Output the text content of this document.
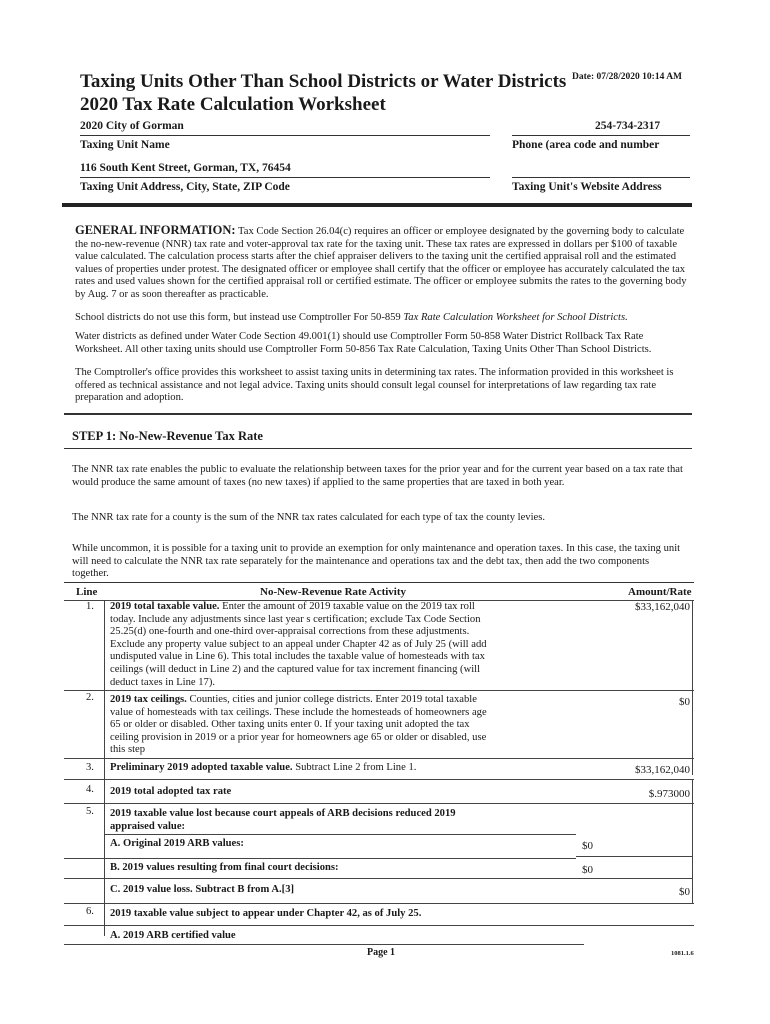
Taxing Units Other Than School Districts or Water Districts
2020 Tax Rate Calculation Worksheet
Date: 07/28/2020 10:14 AM
2020 City of Gorman
Taxing Unit Name
254-734-2317
Phone (area code and number
116 South Kent Street, Gorman, TX, 76454
Taxing Unit Address, City, State, ZIP Code	Taxing Unit's Website Address
GENERAL INFORMATION: Tax Code Section 26.04(c) requires an officer or employee designated by the governing body to calculate the no-new-revenue (NNR) tax rate and voter-approval tax rate for the taxing unit. These tax rates are expressed in dollars per $100 of taxable value calculated. The calculation process starts after the chief appraiser delivers to the taxing unit the certified appraisal roll and the estimated values of properties under protest. The designated officer or employee shall certify that the officer or employee has accurately calculated the tax rates and used values shown for the certified appraisal roll or certified estimate. The officer or employee submits the rates to the governing body by Aug. 7 or as soon thereafter as practicable.
School districts do not use this form, but instead use Comptroller For 50-859 Tax Rate Calculation Worksheet for School Districts.
Water districts as defined under Water Code Section 49.001(1) should use Comptroller Form 50-858 Water District Rollback Tax Rate Worksheet. All other taxing units should use Comptroller Form 50-856 Tax Rate Calculation, Taxing Units Other Than School Districts.
The Comptroller's office provides this worksheet to assist taxing units in determining tax rates. The information provided in this worksheet is offered as technical assistance and not legal advice. Taxing units should consult legal counsel for interpretations of law regarding tax rate preparation and adoption.
STEP 1: No-New-Revenue Tax Rate
The NNR tax rate enables the public to evaluate the relationship between taxes for the prior year and for the current year based on a tax rate that would produce the same amount of taxes (no new taxes) if applied to the same properties that are taxed in both year.
The NNR tax rate for a county is the sum of the NNR tax rates calculated for each type of tax the county levies.
While uncommon, it is possible for a taxing unit to provide an exemption for only maintenance and operation taxes. In this case, the taxing unit will need to calculate the NNR tax rate separately for the maintenance and operations tax and the debt tax, then add the two components together.
Line	No-New-Revenue Rate Activity	Amount/Rate
1. 2019 total taxable value. Enter the amount of 2019 taxable value on the 2019 tax roll today. Include any adjustments since last year s certification; exclude Tax Code Section 25.25(d) one-fourth and one-third over-appraisal corrections from these adjustments. Exclude any property value subject to an appeal under Chapter 42 as of July 25 (will add undisputed value in Line 6). This total includes the taxable value of homesteads with tax ceilings (will deduct in Line 2) and the captured value for tax increment financing (will deduct taxes in Line 17).
$33,162,040
2. 2019 tax ceilings. Counties, cities and junior college districts. Enter 2019 total taxable value of homesteads with tax ceilings. These include the homesteads of homeowners age 65 or older or disabled. Other taxing units enter 0. If your taxing unit adopted the tax ceiling provision in 2019 or a prior year for homeowners age 65 or older or disabled, use this step
$0
3. Preliminary 2019 adopted taxable value. Subtract Line 2 from Line 1.	$33,162,040
4. 2019 total adopted tax rate	$.973000
5. 2019 taxable value lost because court appeals of ARB decisions reduced 2019 appraised value:
A. Original 2019 ARB values:	$0
B. 2019 values resulting from final court decisions:	$0
C. 2019 value loss. Subtract B from A.[3]	$0
6. 2019 taxable value subject to appear under Chapter 42, as of July 25.
A. 2019 ARB certified value
Page 1	1081.1.6
